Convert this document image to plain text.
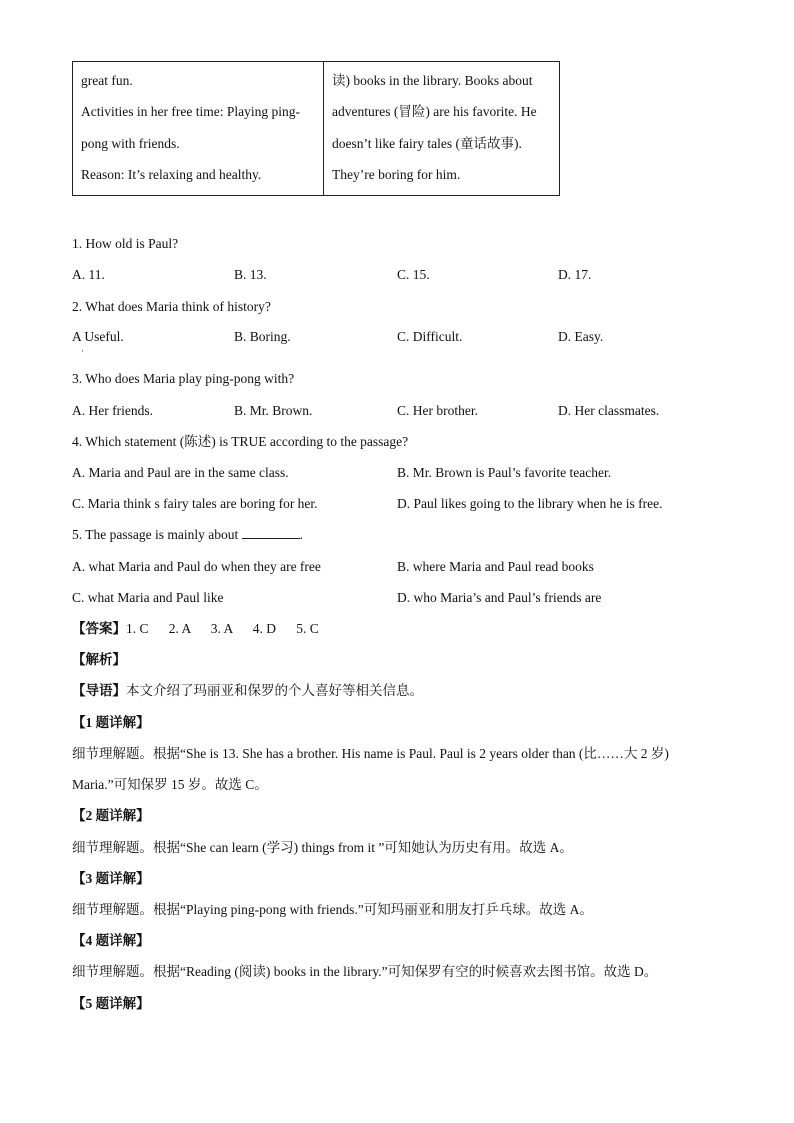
great fun.
Activities in her free time: Playing ping-
pong with friends.
Reason: It’s relaxing and healthy.
读) books in the library. Books about
adventures (冒险) are his favorite. He
doesn’t like fairy tales (童话故事).
They’re boring for him.
1. How old is Paul?
A. 11.	B. 13.	C. 15.	D. 17.
2. What does Maria think of history?
A Useful.
·
B. Boring.	C. Difficult.	D. Easy.
3. Who does Maria play ping-pong with?
A. Her friends.	B. Mr. Brown.	C. Her brother.	D. Her classmates.
4. Which statement (陈述) is TRUE according to the passage?
A. Maria and Paul are in the same class.	B. Mr. Brown is Paul’s favorite teacher.
C. Maria think s fairy tales are boring for her.	D. Paul likes going to the library when he is free.
5. The passage is mainly about	.
A. what Maria and Paul do when they are free	B. where Maria and Paul read books
C. what Maria and Paul like	D. who Maria’s and Paul’s friends are
【答案】1. C      2. A      3. A      4. D      5. C
【解析】
【导语】本文介绍了玛丽亚和保罗的个人喜好等相关信息。
【1 题详解】
细节理解题。根据“She is 13. She has a brother. His name is Paul. Paul is 2 years older than (比……大 2 岁)
Maria.”可知保罗 15 岁。故选 C。
【2 题详解】
细节理解题。根据“She can learn (学习) things from it ”可知她认为历史有用。故选 A。
【3 题详解】
细节理解题。根据“Playing ping-pong with friends.”可知玛丽亚和朋友打乒乓球。故选 A。
【4 题详解】
细节理解题。根据“Reading (阅读) books in the library.”可知保罗有空的时候喜欢去图书馆。故选 D。
【5 题详解】
